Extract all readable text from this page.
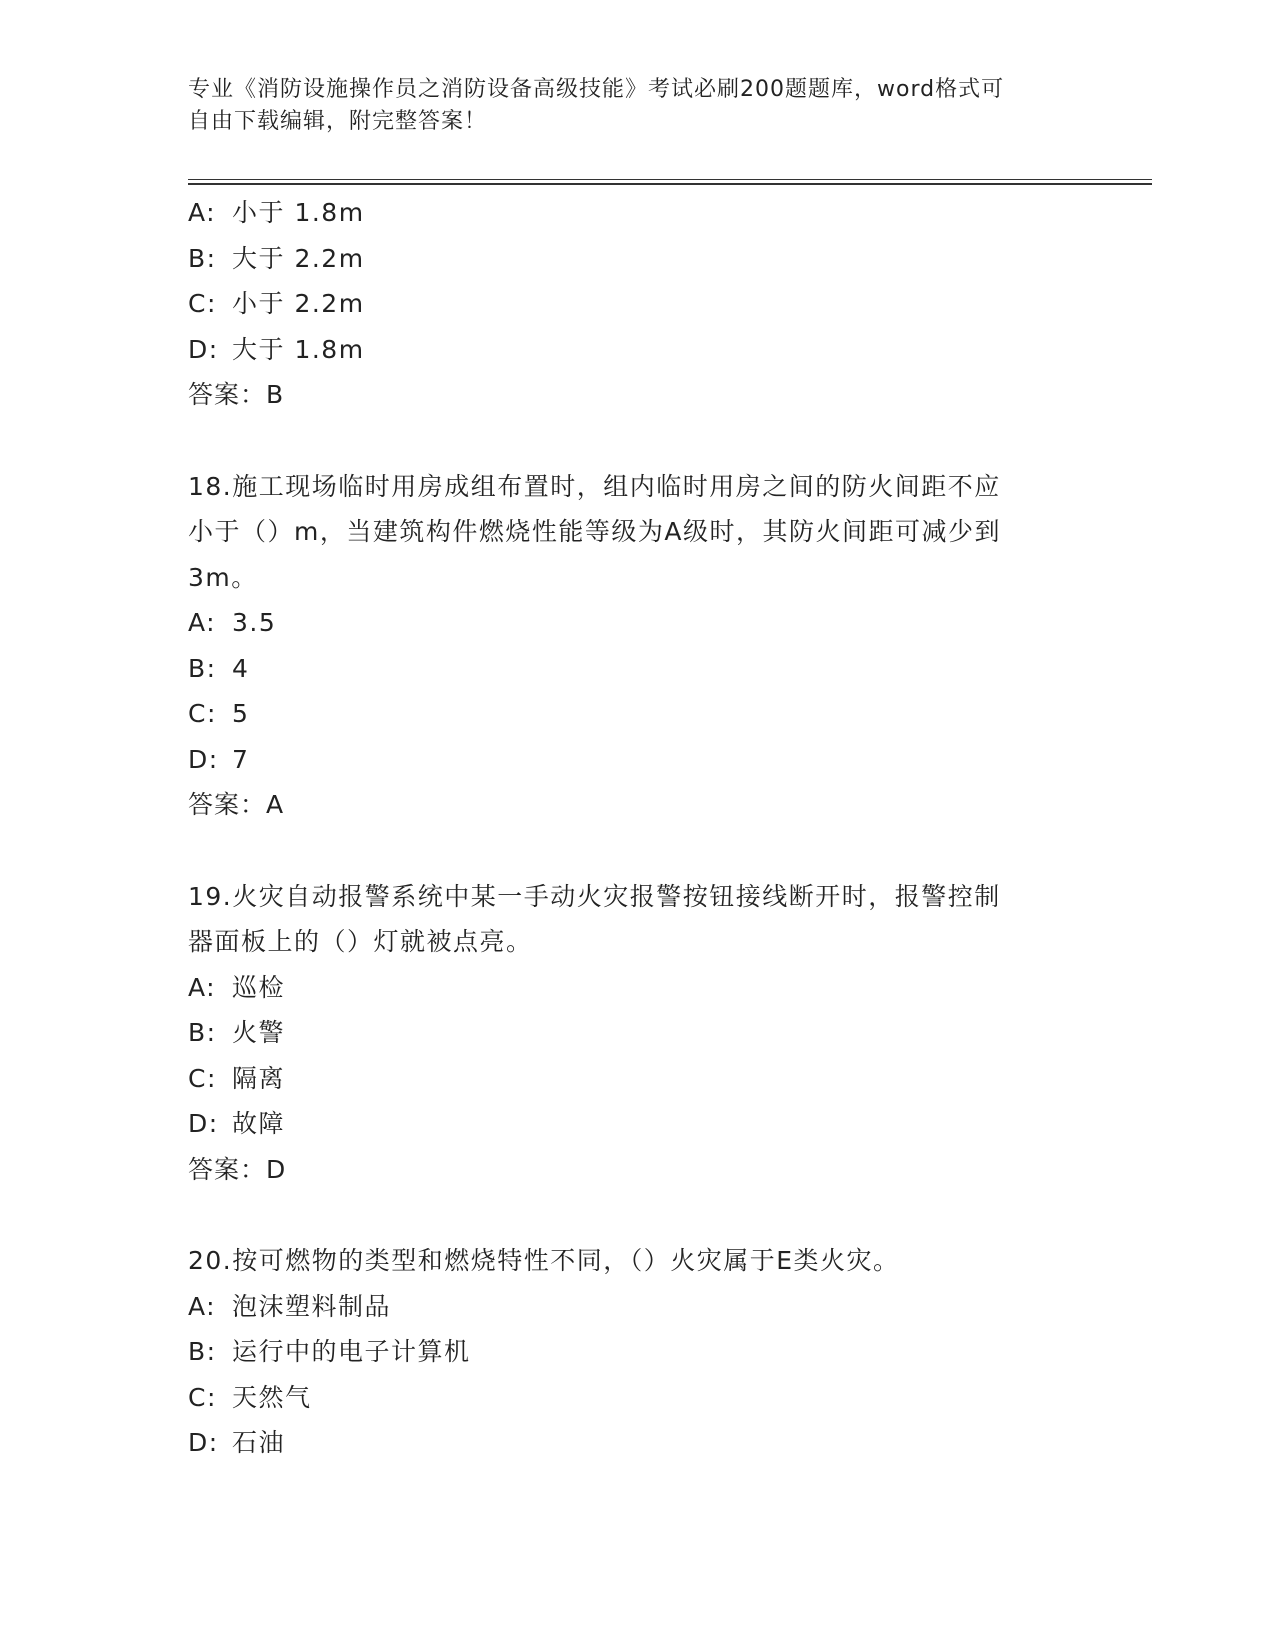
专业《消防设施操作员之消防设备高级技能》考试必刷200题题库，word格式可
自由下载编辑，附完整答案！
A: 小于 1.8m
B: 大于 2.2m
C: 小于 2.2m
D: 大于 1.8m
答案：B
18.施工现场临时用房成组布置时，组内临时用房之间的防火间距不应
小于（）m，当建筑构件燃烧性能等级为A级时，其防火间距可减少到
3m。
A: 3.5
B: 4
C: 5
D: 7
答案：A
19.火灾自动报警系统中某一手动火灾报警按钮接线断开时，报警控制
器面板上的（）灯就被点亮。
A: 巡检
B: 火警
C: 隔离
D: 故障
答案：D
20.按可燃物的类型和燃烧特性不同，（）火灾属于E类火灾。
A: 泡沫塑料制品
B: 运行中的电子计算机
C: 天然气
D: 石油
